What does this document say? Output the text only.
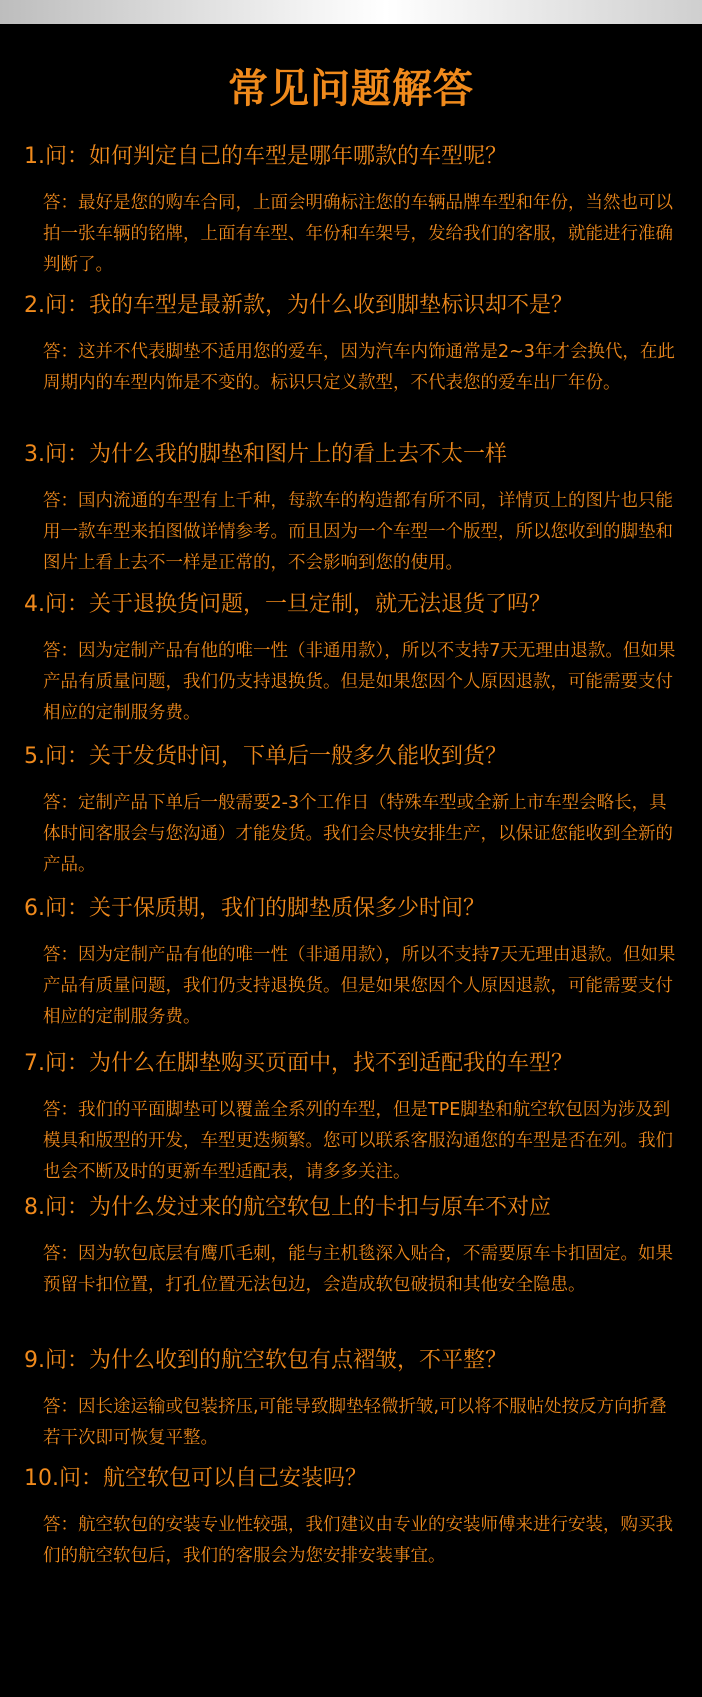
常见问题解答
1.问：如何判定自己的车型是哪年哪款的车型呢？
答：最好是您的购车合同，上面会明确标注您的车辆品牌车型和年份，当然也可以拍一张车辆的铭牌，上面有车型、年份和车架号，发给我们的客服，就能进行准确判断了。
2.问：我的车型是最新款，为什么收到脚垫标识却不是？
答：这并不代表脚垫不适用您的爱车，因为汽车内饰通常是2~3年才会换代，在此周期内的车型内饰是不变的。标识只定义款型，不代表您的爱车出厂年份。
3.问：为什么我的脚垫和图片上的看上去不太一样
答：国内流通的车型有上千种，每款车的构造都有所不同，详情页上的图片也只能用一款车型来拍图做详情参考。而且因为一个车型一个版型，所以您收到的脚垫和图片上看上去不一样是正常的，不会影响到您的使用。
4.问：关于退换货问题，一旦定制，就无法退货了吗？
答：因为定制产品有他的唯一性（非通用款），所以不支持7天无理由退款。但如果产品有质量问题，我们仍支持退换货。但是如果您因个人原因退款，可能需要支付相应的定制服务费。
5.问：关于发货时间，下单后一般多久能收到货？
答：定制产品下单后一般需要2-3个工作日（特殊车型或全新上市车型会略长，具体时间客服会与您沟通）才能发货。我们会尽快安排生产，以保证您能收到全新的产品。
6.问：关于保质期，我们的脚垫质保多少时间？
答：因为定制产品有他的唯一性（非通用款），所以不支持7天无理由退款。但如果产品有质量问题，我们仍支持退换货。但是如果您因个人原因退款，可能需要支付相应的定制服务费。
7.问：为什么在脚垫购买页面中，找不到适配我的车型？
答：我们的平面脚垫可以覆盖全系列的车型，但是TPE脚垫和航空软包因为涉及到模具和版型的开发，车型更迭频繁。您可以联系客服沟通您的车型是否在列。我们也会不断及时的更新车型适配表，请多多关注。
8.问：为什么发过来的航空软包上的卡扣与原车不对应
答：因为软包底层有鹰爪毛刺，能与主机毯深入贴合，不需要原车卡扣固定。如果预留卡扣位置，打孔位置无法包边，会造成软包破损和其他安全隐患。
9.问：为什么收到的航空软包有点褶皱，不平整？
答：因长途运输或包装挤压,可能导致脚垫轻微折皱,可以将不服帖处按反方向折叠若干次即可恢复平整。
10.问：航空软包可以自己安装吗？
答：航空软包的安装专业性较强，我们建议由专业的安装师傅来进行安装，购买我们的航空软包后，我们的客服会为您安排安装事宜。
